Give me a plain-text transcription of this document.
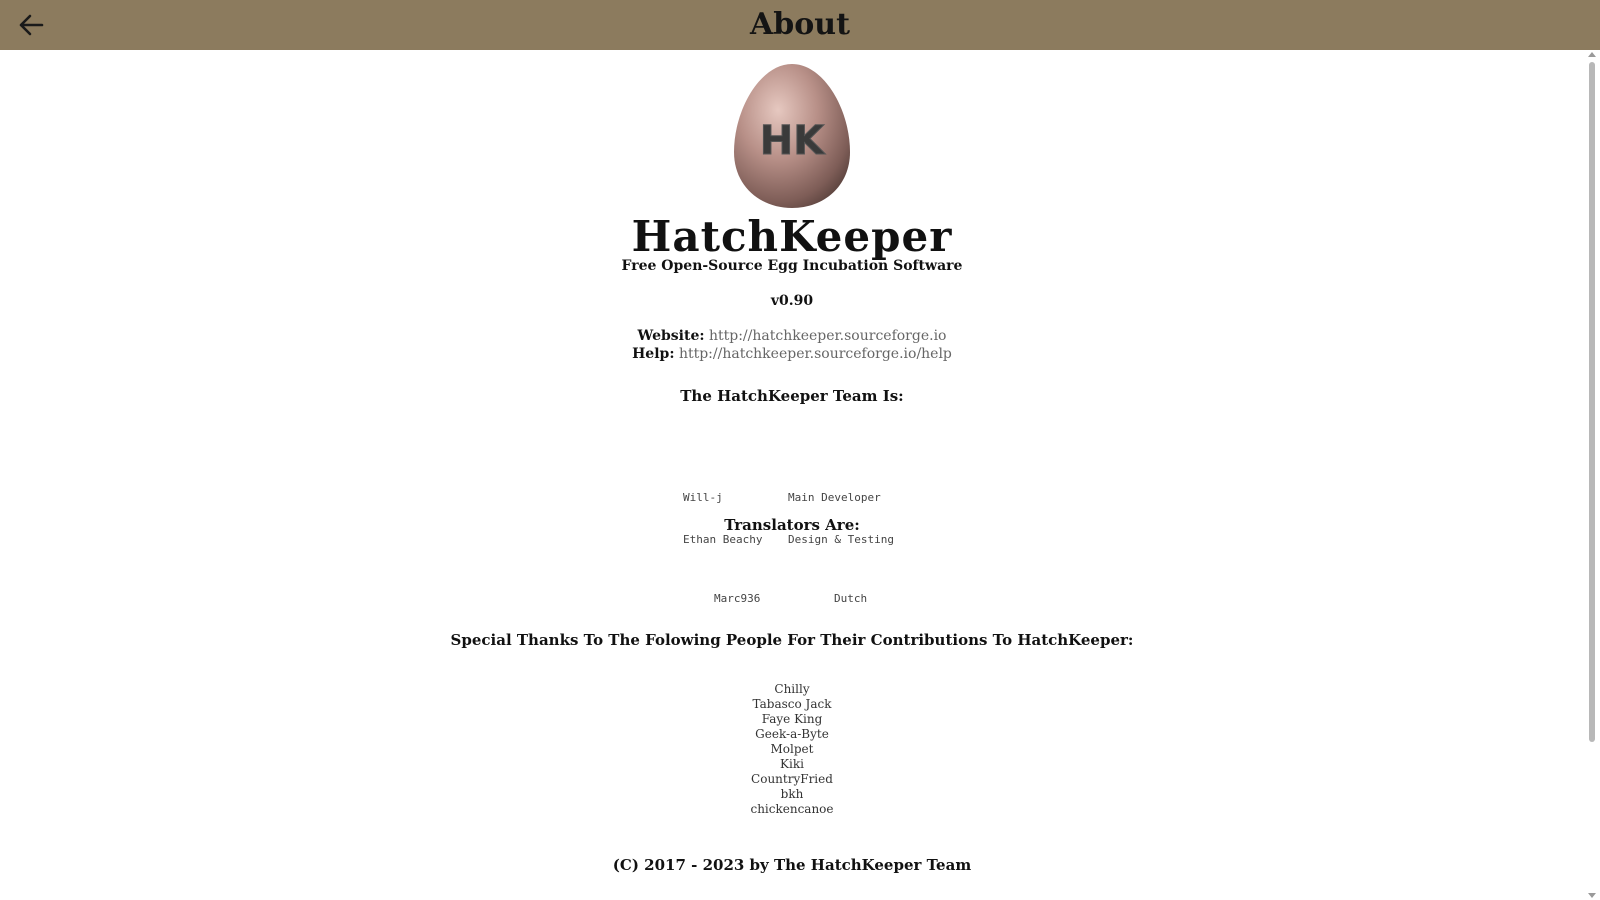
About
HK
HatchKeeper
Free Open-Source Egg Incubation Software
v0.90
Website: http://hatchkeeper.sourceforge.io
Help: http://hatchkeeper.sourceforge.io/help
The HatchKeeper Team Is:

Will-j

Ethan Beachy

Main Developer

Design & Testing

Translators Are:
Marc936	Dutch
Special Thanks To The Folowing People For Their Contributions To HatchKeeper:
Chilly
Tabasco Jack
Faye King
Geek-a-Byte
Molpet
Kiki
CountryFried
bkh
chickencanoe
(C) 2017 - 2023 by The HatchKeeper Team
